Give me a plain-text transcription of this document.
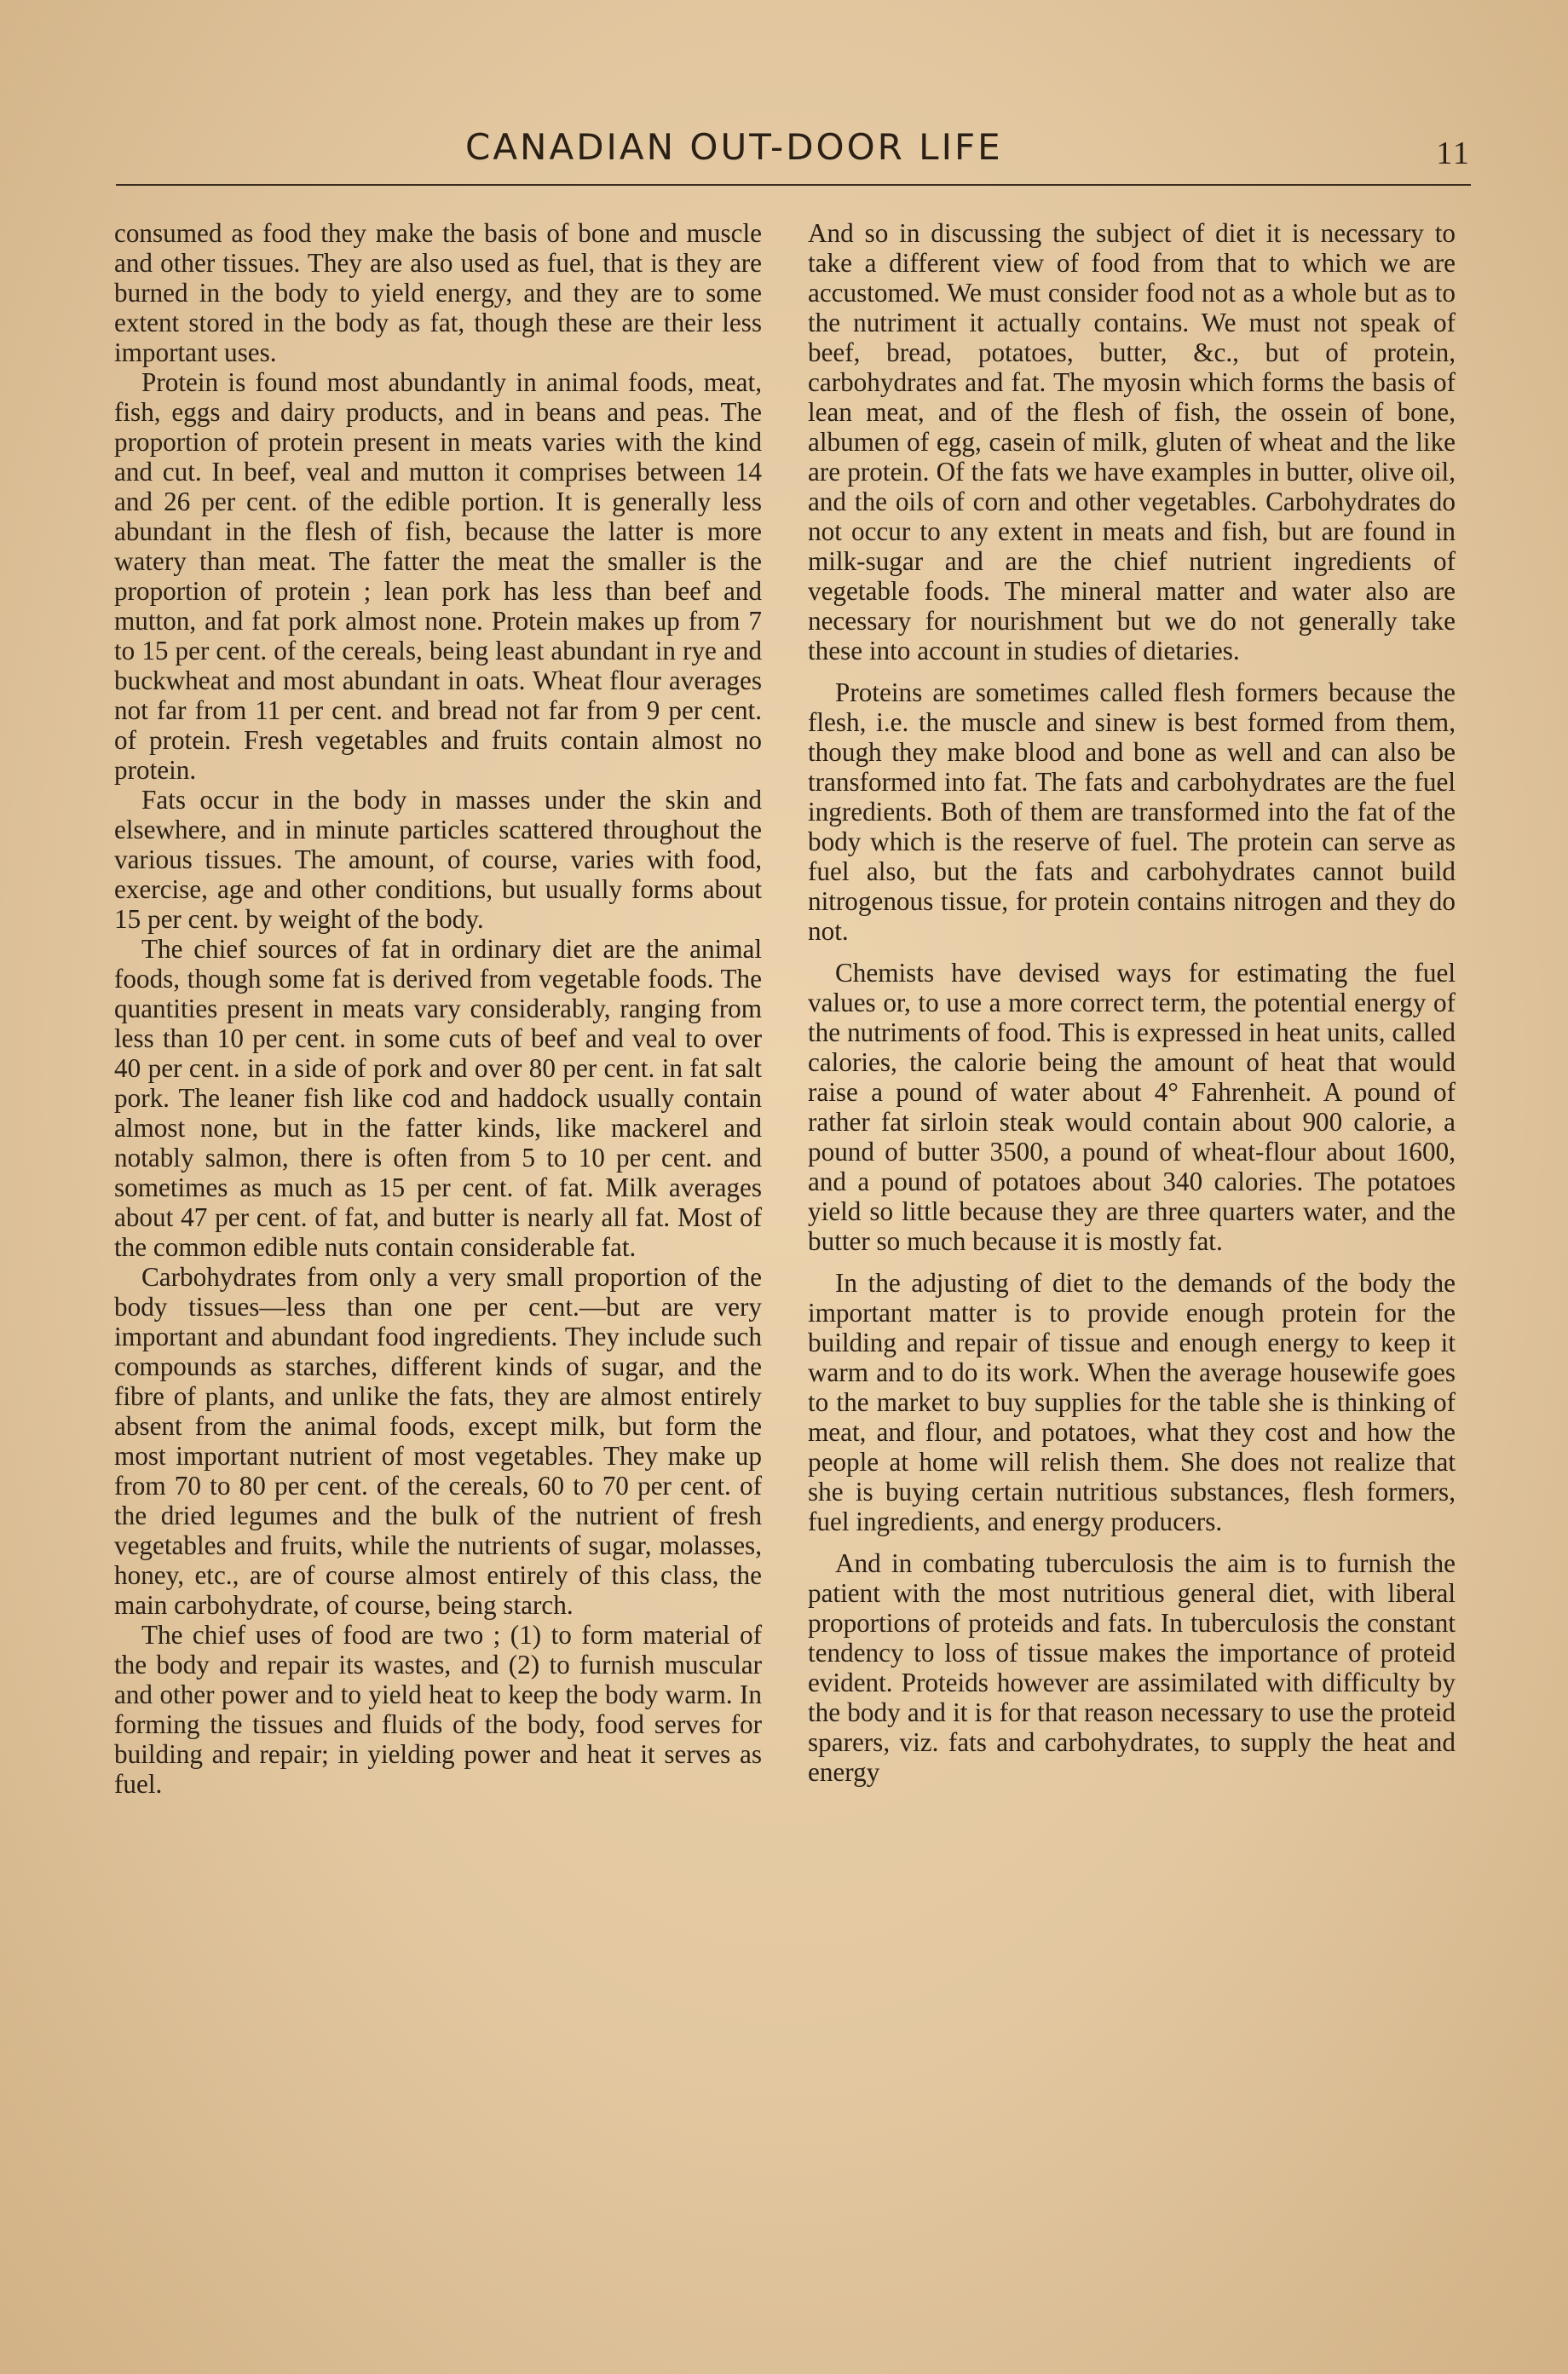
CANADIAN OUT-DOOR LIFE	11

consumed as food they make the basis of bone and muscle and other tissues. They are also used as fuel, that is they are burned in the body to yield energy, and they are to some extent stored in the body as fat, though these are their less important uses.

Protein is found most abundantly in animal foods, meat, fish, eggs and dairy products, and in beans and peas. The proportion of protein present in meats varies with the kind and cut. In beef, veal and mutton it comprises between 14 and 26 per cent. of the edible portion. It is generally less abundant in the flesh of fish, because the latter is more watery than meat. The fatter the meat the smaller is the proportion of protein ; lean pork has less than beef and mutton, and fat pork almost none. Protein makes up from 7 to 15 per cent. of the cereals, being least abundant in rye and buckwheat and most abundant in oats. Wheat flour averages not far from 11 per cent. and bread not far from 9 per cent. of protein. Fresh vegetables and fruits contain almost no protein.

Fats occur in the body in masses under the skin and elsewhere, and in minute particles scattered throughout the various tissues. The amount, of course, varies with food, exercise, age and other conditions, but usually forms about 15 per cent. by weight of the body.

The chief sources of fat in ordinary diet are the animal foods, though some fat is derived from vegetable foods. The quantities present in meats vary considerably, ranging from less than 10 per cent. in some cuts of beef and veal to over 40 per cent. in a side of pork and over 80 per cent. in fat salt pork. The leaner fish like cod and haddock usually contain almost none, but in the fatter kinds, like mackerel and notably salmon, there is often from 5 to 10 per cent. and sometimes as much as 15 per cent. of fat. Milk averages about 47 per cent. of fat, and butter is nearly all fat. Most of the common edible nuts contain considerable fat.

Carbohydrates from only a very small proportion of the body tissues—less than one per cent.—but are very important and abundant food ingredients. They include such compounds as starches, different kinds of sugar, and the fibre of plants, and unlike the fats, they are almost entirely absent from the animal foods, except milk, but form the most important nutrient of most vegetables. They make up from 70 to 80 per cent. of the cereals, 60 to 70 per cent. of the dried legumes and the bulk of the nutrient of fresh vegetables and fruits, while the nutrients of sugar, molasses, honey, etc., are of course almost entirely of this class, the main carbohydrate, of course, being starch.

The chief uses of food are two ; (1) to form material of the body and repair its wastes, and (2) to furnish muscular and other power and to yield heat to keep the body warm. In forming the tissues and fluids of the body, food serves for building and repair; in yielding power and heat it serves as fuel.

And so in discussing the subject of diet it is necessary to take a different view of food from that to which we are accustomed. We must consider food not as a whole but as to the nutriment it actually contains. We must not speak of beef, bread, potatoes, butter, &c., but of protein, carbohydrates and fat. The myosin which forms the basis of lean meat, and of the flesh of fish, the ossein of bone, albumen of egg, casein of milk, gluten of wheat and the like are protein. Of the fats we have examples in butter, olive oil, and the oils of corn and other vegetables. Carbohydrates do not occur to any extent in meats and fish, but are found in milk-sugar and are the chief nutrient ingredients of vegetable foods. The mineral matter and water also are necessary for nourishment but we do not generally take these into account in studies of dietaries.

Proteins are sometimes called flesh formers because the flesh, i.e. the muscle and sinew is best formed from them, though they make blood and bone as well and can also be transformed into fat. The fats and carbohydrates are the fuel ingredients. Both of them are transformed into the fat of the body which is the reserve of fuel. The protein can serve as fuel also, but the fats and carbohydrates cannot build nitrogenous tissue, for protein contains nitrogen and they do not.

Chemists have devised ways for estimating the fuel values or, to use a more correct term, the potential energy of the nutriments of food. This is expressed in heat units, called calories, the calorie being the amount of heat that would raise a pound of water about 4° Fahrenheit. A pound of rather fat sirloin steak would contain about 900 calorie, a pound of butter 3500, a pound of wheat-flour about 1600, and a pound of potatoes about 340 calories. The potatoes yield so little because they are three quarters water, and the butter so much because it is mostly fat.

In the adjusting of diet to the demands of the body the important matter is to provide enough protein for the building and repair of tissue and enough energy to keep it warm and to do its work. When the average housewife goes to the market to buy supplies for the table she is thinking of meat, and flour, and potatoes, what they cost and how the people at home will relish them. She does not realize that she is buying certain nutritious substances, flesh formers, fuel ingredients, and energy producers.

And in combating tuberculosis the aim is to furnish the patient with the most nutritious general diet, with liberal proportions of proteids and fats. In tuberculosis the constant tendency to loss of tissue makes the importance of proteid evident. Proteids however are assimilated with difficulty by the body and it is for that reason necessary to use the proteid sparers, viz. fats and carbohydrates, to supply the heat and energy
